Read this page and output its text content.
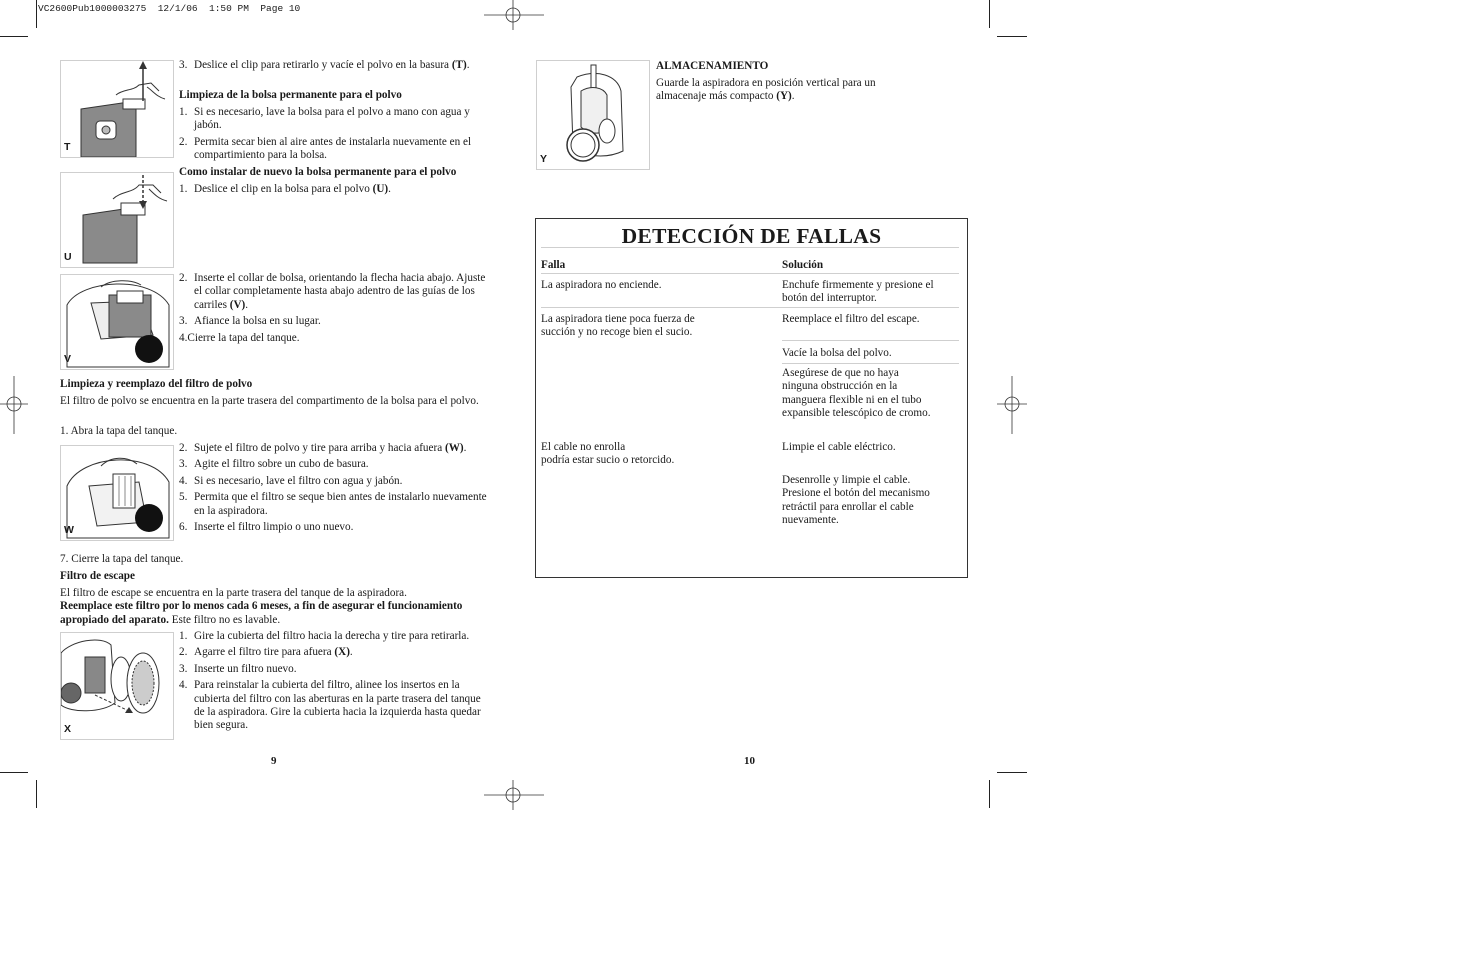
VC2600Pub1000003275  12/1/06  1:50 PM  Page 10
T
3. Deslice el clip para retirarlo y vacíe el polvo en la basura (T).
Limpieza de la bolsa permanente para el polvo
1. Si es necesario, lave la bolsa para el polvo a mano con agua y jabón.
2. Permita secar bien al aire antes de instalarla nuevamente en el compartimiento para la bolsa.
Como instalar de nuevo la bolsa permanente para el polvo
1. Deslice el clip en la bolsa para el polvo (U).
U
V
2. Inserte el collar de bolsa, orientando la flecha hacia abajo. Ajuste el collar completamente hasta abajo adentro de las guías de los carriles (V).
3. Afiance la bolsa en su lugar.
4.Cierre la tapa del tanque.
Limpieza y reemplazo del filtro de polvo
El filtro de polvo se encuentra en la parte trasera del compartimento de la bolsa para el polvo.
1. Abra la tapa del tanque.
W
2. Sujete el filtro de polvo y tire para arriba y hacia afuera (W).
3. Agite el filtro sobre un cubo de basura.
4. Si es necesario, lave el filtro con agua y jabón.
5. Permita que el filtro se seque bien antes de instalarlo nuevamente en la aspiradora.
6. Inserte el filtro limpio o uno nuevo.
7. Cierre la tapa del tanque.
Filtro de escape
El filtro de escape se encuentra en la parte trasera del tanque de la aspiradora.
Reemplace este filtro por lo menos cada 6 meses, a fin de asegurar el funcionamiento apropiado del aparato. Este filtro no es lavable.
X
1. Gire la cubierta del filtro hacia la derecha y tire para retirarla.
2. Agarre el filtro tire para afuera (X).
3. Inserte un filtro nuevo.
4. Para reinstalar la cubierta del filtro, alinee los insertos en la cubierta del filtro con las aberturas en la parte trasera del tanque de la aspiradora. Gire la cubierta hacia la izquierda hasta quedar bien segura.
9
Y
ALMACENAMIENTO
Guarde la aspiradora en posición vertical para un almacenaje más compacto (Y).
DETECCIÓN DE FALLAS
Falla	Solución
La aspiradora no enciende.	Enchufe firmemente y presione el botón del interruptor.
La aspiradora tiene poca fuerza de succión y no recoge bien el sucio.
Reemplace el filtro del escape.
Vacíe la bolsa del polvo.
Asegúrese de que no haya ninguna obstrucción en la manguera flexible ni en el tubo expansible telescópico de cromo.
El cable no enrolla
podría estar sucio o retorcido.
Limpie el cable eléctrico.
Desenrolle y limpie el cable. Presione el botón del mecanismo retráctil para enrollar el cable nuevamente.
10
